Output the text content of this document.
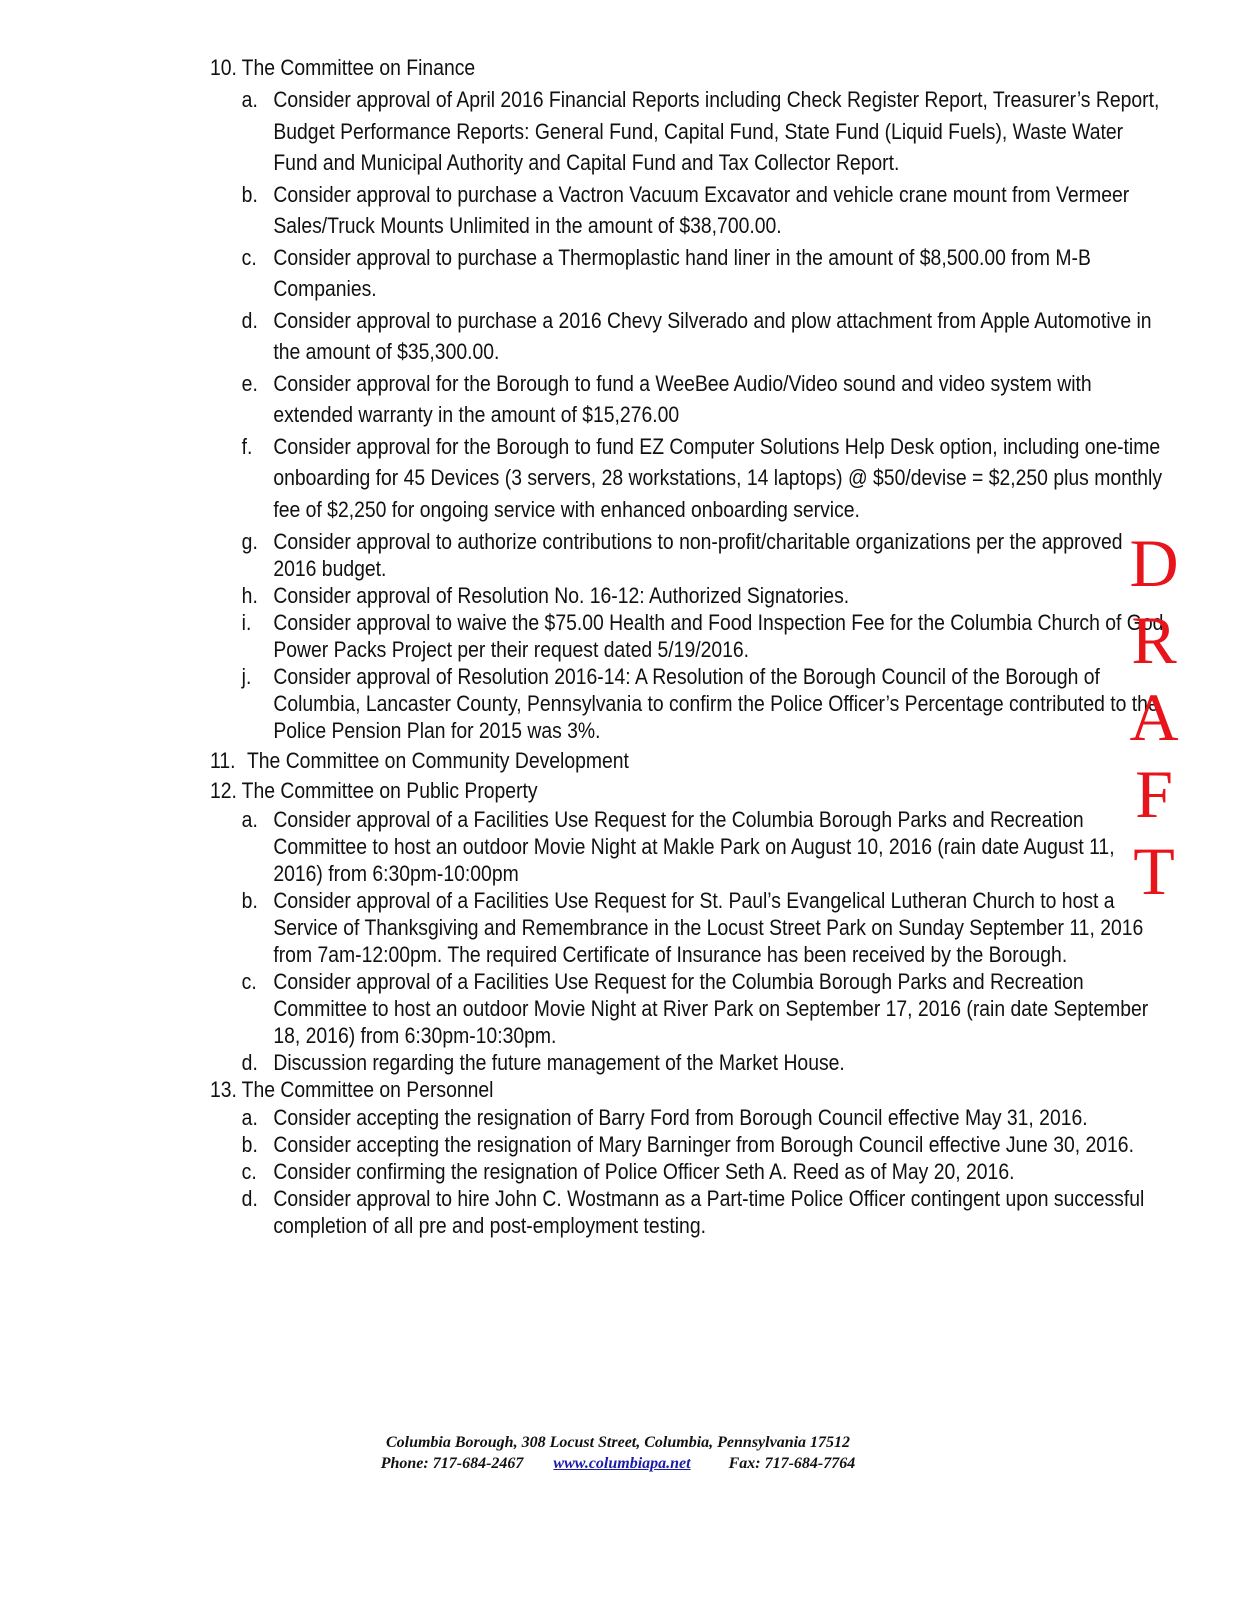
10. The Committee on Finance
a. Consider approval of April 2016 Financial Reports including Check Register Report, Treasurer’s Report, Budget Performance Reports: General Fund, Capital Fund, State Fund (Liquid Fuels), Waste Water Fund and Municipal Authority and Capital Fund and Tax Collector Report.
b. Consider approval to purchase a Vactron Vacuum Excavator and vehicle crane mount from Vermeer Sales/Truck Mounts Unlimited in the amount of $38,700.00.
c. Consider approval to purchase a Thermoplastic hand liner in the amount of $8,500.00 from M-B Companies.
d. Consider approval to purchase a 2016 Chevy Silverado and plow attachment from Apple Automotive in the amount of $35,300.00.
e. Consider approval for the Borough to fund a WeeBee Audio/Video sound and video system with extended warranty in the amount of $15,276.00
f. Consider approval for the Borough to fund EZ Computer Solutions Help Desk option, including one-time onboarding for 45 Devices (3 servers, 28 workstations, 14 laptops) @ $50/devise = $2,250 plus monthly fee of $2,250 for ongoing service with enhanced onboarding service.
g. Consider approval to authorize contributions to non-profit/charitable organizations per the approved 2016 budget.
h. Consider approval of Resolution No. 16-12: Authorized Signatories.
i. Consider approval to waive the $75.00 Health and Food Inspection Fee for the Columbia Church of God Power Packs Project per their request dated 5/19/2016.
j. Consider approval of Resolution 2016-14: A Resolution of the Borough Council of the Borough of Columbia, Lancaster County, Pennsylvania to confirm the Police Officer’s Percentage contributed to the Police Pension Plan for 2015 was 3%.
11. The Committee on Community Development
12. The Committee on Public Property
a. Consider approval of a Facilities Use Request for the Columbia Borough Parks and Recreation Committee to host an outdoor Movie Night at Makle Park on August 10, 2016 (rain date August 11, 2016) from 6:30pm-10:00pm
b. Consider approval of a Facilities Use Request for St. Paul’s Evangelical Lutheran Church to host a Service of Thanksgiving and Remembrance in the Locust Street Park on Sunday September 11, 2016 from 7am-12:00pm. The required Certificate of Insurance has been received by the Borough.
c. Consider approval of a Facilities Use Request for the Columbia Borough Parks and Recreation Committee to host an outdoor Movie Night at River Park on September 17, 2016 (rain date September 18, 2016) from 6:30pm-10:30pm.
d. Discussion regarding the future management of the Market House.
13. The Committee on Personnel
a. Consider accepting the resignation of Barry Ford from Borough Council effective May 31, 2016.
b. Consider accepting the resignation of Mary Barninger from Borough Council effective June 30, 2016.
c. Consider confirming the resignation of Police Officer Seth A. Reed as of May 20, 2016.
d. Consider approval to hire John C. Wostmann as a Part-time Police Officer contingent upon successful completion of all pre and post-employment testing.
D
R
A
F
T
Columbia Borough, 308 Locust Street, Columbia, Pennsylvania 17512
Phone: 717-684-2467 www.columbiapa.net Fax: 717-684-7764
